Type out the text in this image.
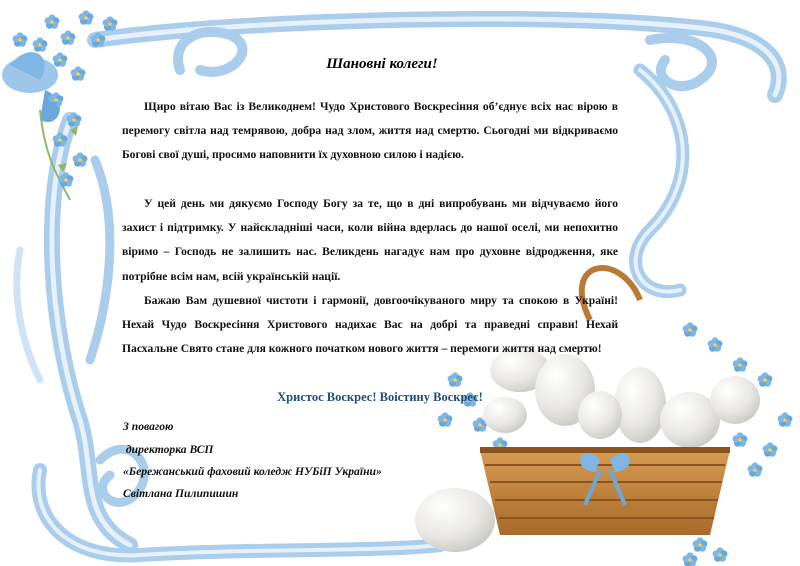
Шановні колеги!
Щиро вітаю Вас із Великоднем! Чудо Христового Воскресіння об’єднує всіх нас вірою в перемогу світла над темрявою, добра над злом, життя над смертю. Сьогодні ми відкриваємо Богові свої душі, просимо наповнити їх духовною силою і надією.
У цей день ми дякуємо Господу Богу за те, що в дні випробувань ми відчуваємо його захист і підтримку. У найскладніші часи, коли війна вдерлась до нашої оселі, ми непохитно віримо – Господь не залишить нас. Великдень нагадує нам про духовне відродження, яке потрібне всім нам, всій українській нації.
Бажаю Вам душевної чистоти і гармонії, довгоочікуваного миру та спокою в Україні! Нехай Чудо Воскресіння Христового надихає Вас на добрі та праведні справи! Нехай Пасхальне Свято стане для кожного початком нового життя – перемоги життя над смертю!
Христос Воскрес! Воістину Воскрес!
З повагою
директорка ВСП
«Бережанський фаховий коледж НУБіП України»
Світлана Пилипишин
